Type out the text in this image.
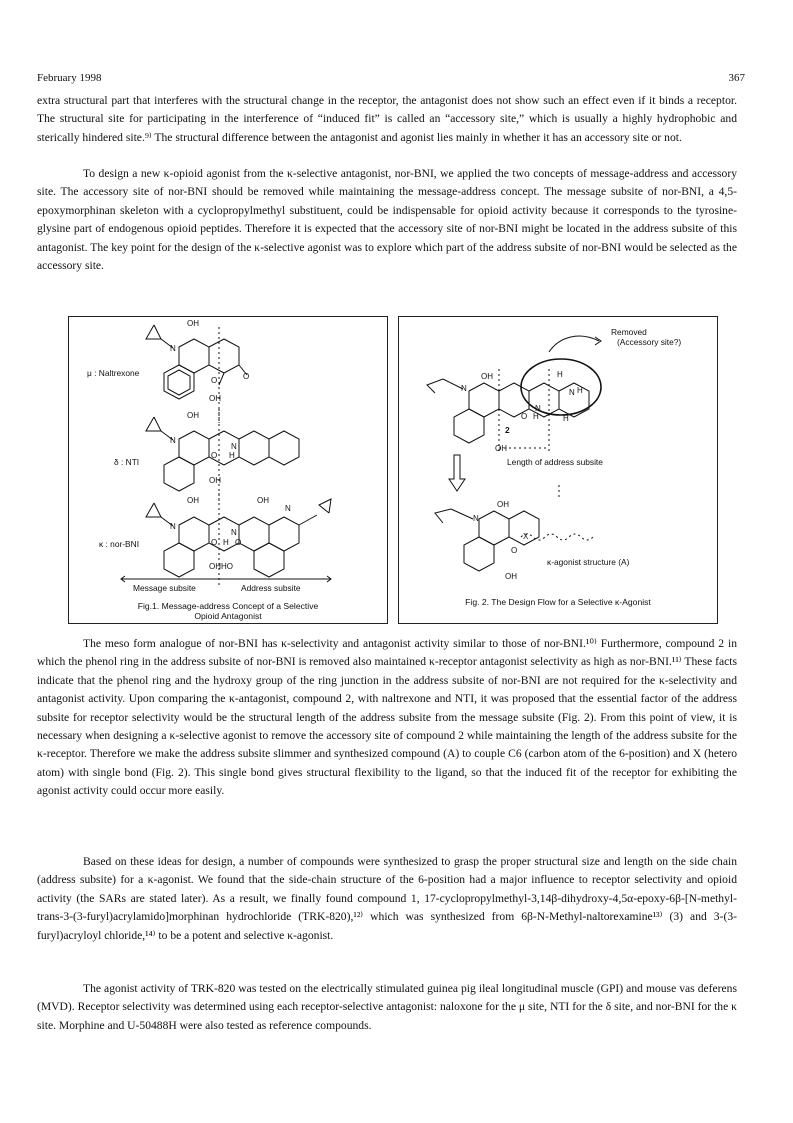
February 1998	367

extra structural part that interferes with the structural change in the receptor, the antagonist does not show such an effect even if it binds a receptor. The structural site for participating in the interference of “induced fit” is called an “accessory site,” which is usually a highly hydrophobic and sterically hindered site.⁹⁾ The structural difference between the antagonist and agonist lies mainly in whether it has an accessory site or not.

To design a new κ-opioid agonist from the κ-selective antagonist, nor-BNI, we applied the two concepts of message-address and accessory site. The accessory site of nor-BNI should be removed while maintaining the message-address concept. The message subsite of nor-BNI, a 4,5-epoxymorphinan skeleton with a cyclopropylmethyl substituent, could be indispensable for opioid activity because it corresponds to the tyrosine-glysine part of endogenous opioid peptides. Therefore it is expected that the accessory site of nor-BNI might be located in the address subsite of this antagonist. The key point for the design of the κ-selective agonist was to explore which part of the address subsite of nor-BNI would be selected as the accessory site.

OH
N
O
O
OH
OH
N
N
H
O
OH
OH	OH
N
N
N
H
O O
OH HO
μ : Naltrexone
δ : NTI
κ : nor-BNI
Message subsite	Address subsite
Fig.1. Message-address Concept of a Selective
Opioid Antagonist
OH
N	N H
H
H
N
O H
OH
OH
N
X
O
OH
Removed
(Accessory site?)
2
Length of address subsite
κ-agonist structure (A)
Fig. 2. The Design Flow for a Selective κ-Agonist

The meso form analogue of nor-BNI has κ-selectivity and antagonist activity similar to those of nor-BNI.¹⁰⁾ Furthermore, compound 2 in which the phenol ring in the address subsite of nor-BNI is removed also maintained κ-receptor antagonist selectivity as high as nor-BNI.¹¹⁾ These facts indicate that the phenol ring and the hydroxy group of the ring junction in the address subsite of nor-BNI are not required for the κ-selectivity and antagonist activity. Upon comparing the κ-antagonist, compound 2, with naltrexone and NTI, it was proposed that the essential factor of the address subsite for receptor selectivity would be the structural length of the address subsite from the message subsite (Fig. 2). From this point of view, it is necessary when designing a κ-selective agonist to remove the accessory site of compound 2 while maintaining the length of the address subsite for the κ-receptor. Therefore we make the address subsite slimmer and synthesized compound (A) to couple C6 (carbon atom of the 6-position) and X (hetero atom) with single bond (Fig. 2). This single bond gives structural flexibility to the ligand, so that the induced fit of the receptor for exhibiting the agonist activity could occur more easily.

Based on these ideas for design, a number of compounds were synthesized to grasp the proper structural size and length on the side chain (address subsite) for a κ-agonist. We found that the side-chain structure of the 6-position had a major influence to receptor selectivity and opioid activity (the SARs are stated later). As a result, we finally found compound 1, 17-cyclopropylmethyl-3,14β-dihydroxy-4,5α-epoxy-6β-[N-methyl-trans-3-(3-furyl)acrylamido]morphinan hydrochloride (TRK-820),¹²⁾ which was synthesized from 6β-N-Methyl-naltorexamine¹³⁾ (3) and 3-(3-furyl)acryloyl chloride,¹⁴⁾ to be a potent and selective κ-agonist.

The agonist activity of TRK-820 was tested on the electrically stimulated guinea pig ileal longitudinal muscle (GPI) and mouse vas deferens (MVD). Receptor selectivity was determined using each receptor-selective antagonist: naloxone for the μ site, NTI for the δ site, and nor-BNI for the κ site. Morphine and U-50488H were also tested as reference compounds.
